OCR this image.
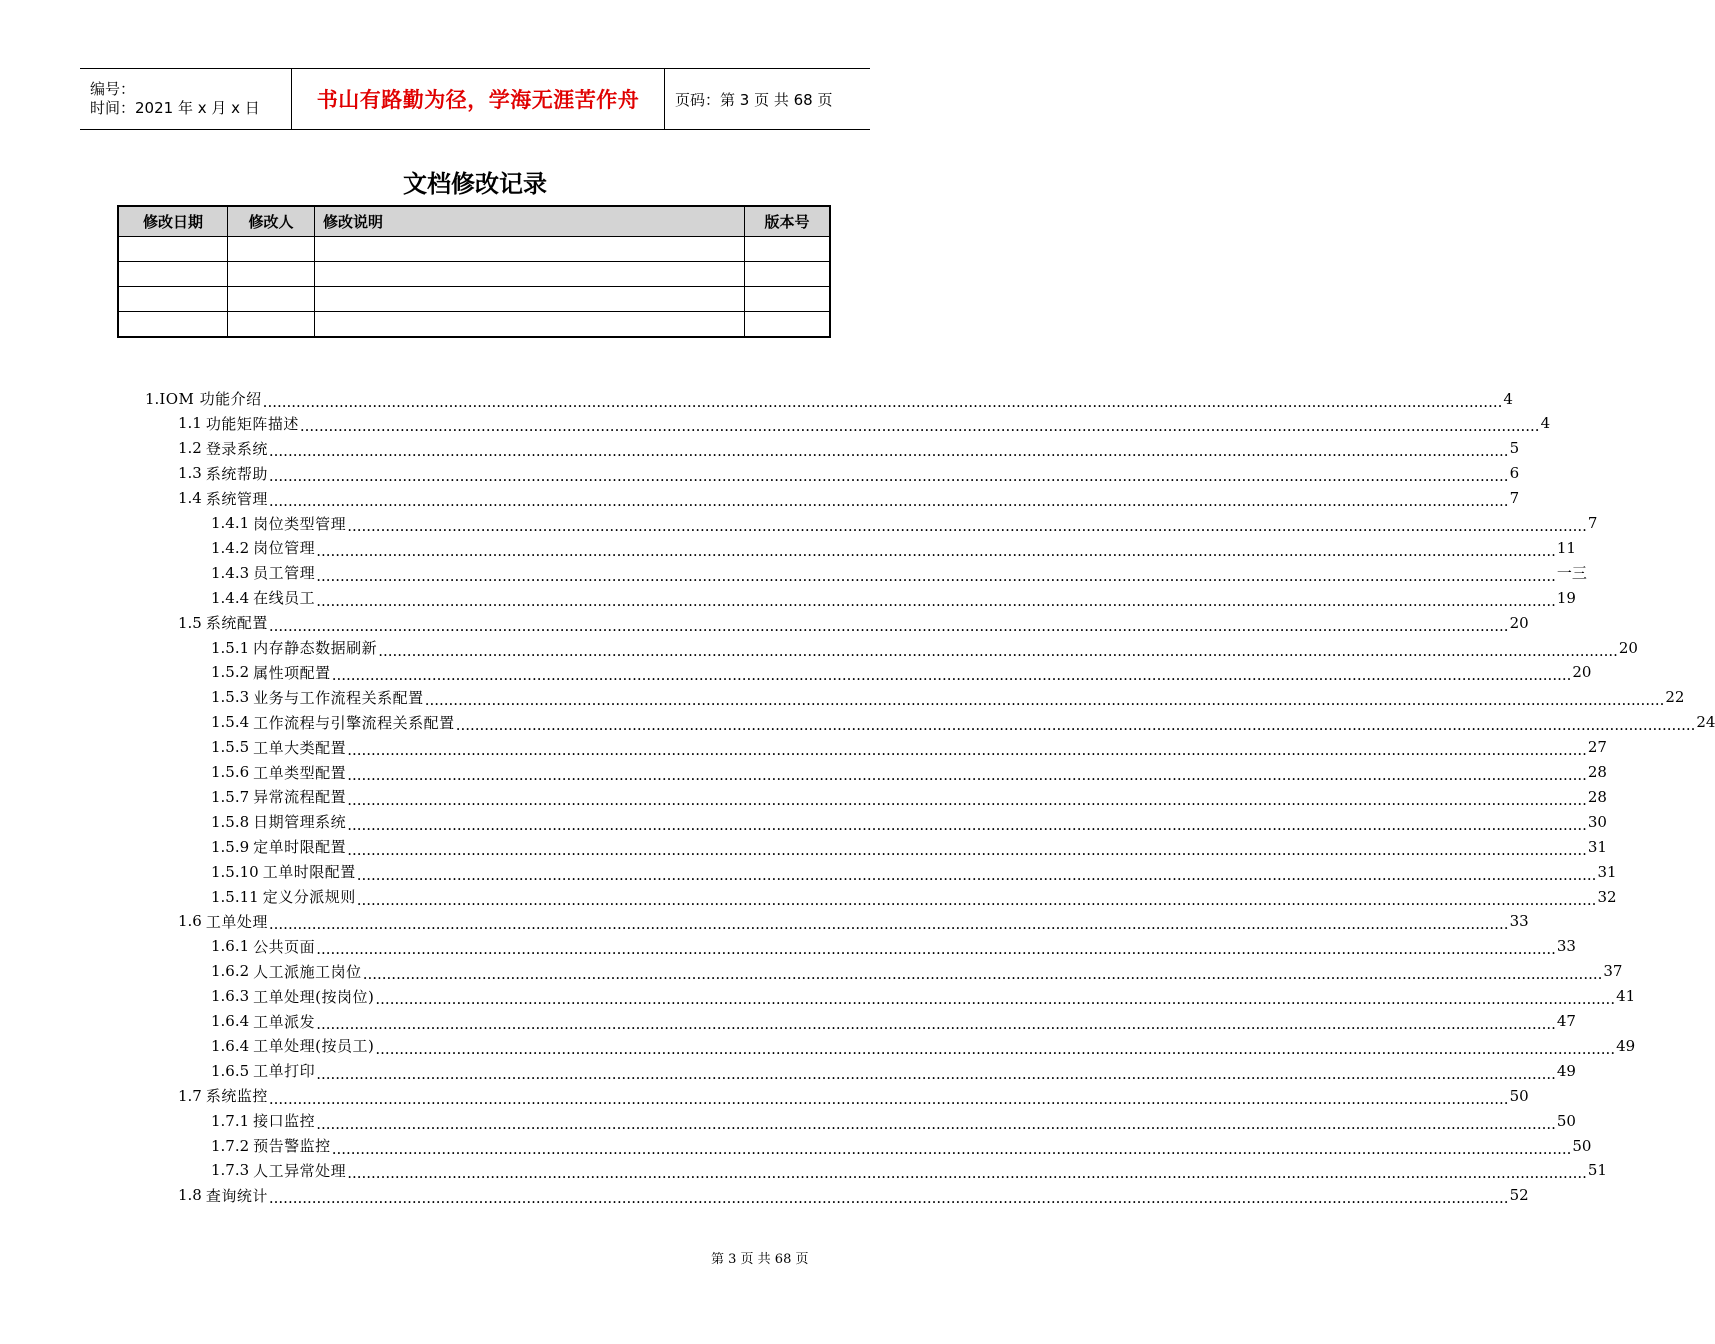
编号：
时间：2021 年 x 月 x 日	书山有路勤为径，学海无涯苦作舟 页码：第 3 页 共 68 页
文档修改记录
修改日期	修改人	修改说明	版本号

1. IOM 功能介绍 .................................................................................................................................................................................................................................................................... 4
1.1 功能矩阵描述 .................................................................................................................................................................................................................................................................... 4
1.2 登录系统 .................................................................................................................................................................................................................................................................... 5
1.3 系统帮助 .................................................................................................................................................................................................................................................................... 6
1.4 系统管理 .................................................................................................................................................................................................................................................................... 7
1.4.1 岗位类型管理 .................................................................................................................................................................................................................................................................... 7
1.4.2 岗位管理 .................................................................................................................................................................................................................................................................... 11
1.4.3 员工管理 .................................................................................................................................................................................................................................................................... 一三
1.4.4 在线员工 .................................................................................................................................................................................................................................................................... 19
1.5 系统配置 .................................................................................................................................................................................................................................................................... 20
1.5.1 内存静态数据刷新 .................................................................................................................................................................................................................................................................... 20
1.5.2 属性项配置 .................................................................................................................................................................................................................................................................... 20
1.5.3 业务与工作流程关系配置 .................................................................................................................................................................................................................................................................... 22
1.5.4 工作流程与引擎流程关系配置 .................................................................................................................................................................................................................................................................... 24
1.5.5 工单大类配置 .................................................................................................................................................................................................................................................................... 27
1.5.6 工单类型配置 .................................................................................................................................................................................................................................................................... 28
1.5.7 异常流程配置 .................................................................................................................................................................................................................................................................... 28
1.5.8 日期管理系统 .................................................................................................................................................................................................................................................................... 30
1.5.9 定单时限配置 .................................................................................................................................................................................................................................................................... 31
1.5.10 工单时限配置 .................................................................................................................................................................................................................................................................... 31
1.5.11 定义分派规则 .................................................................................................................................................................................................................................................................... 32
1.6 工单处理 .................................................................................................................................................................................................................................................................... 33
1.6.1 公共页面 .................................................................................................................................................................................................................................................................... 33
1.6.2 人工派施工岗位 .................................................................................................................................................................................................................................................................... 37
1.6.3 工单处理(按岗位) .................................................................................................................................................................................................................................................................... 41
1.6.4 工单派发 .................................................................................................................................................................................................................................................................... 47
1.6.4 工单处理(按员工) .................................................................................................................................................................................................................................................................... 49
1.6.5 工单打印 .................................................................................................................................................................................................................................................................... 49
1.7 系统监控 .................................................................................................................................................................................................................................................................... 50
1.7.1 接口监控 .................................................................................................................................................................................................................................................................... 50
1.7.2 预告警监控 .................................................................................................................................................................................................................................................................... 50
1.7.3 人工异常处理 .................................................................................................................................................................................................................................................................... 51
1.8 查询统计 .................................................................................................................................................................................................................................................................... 52
第 3 页 共 68 页
